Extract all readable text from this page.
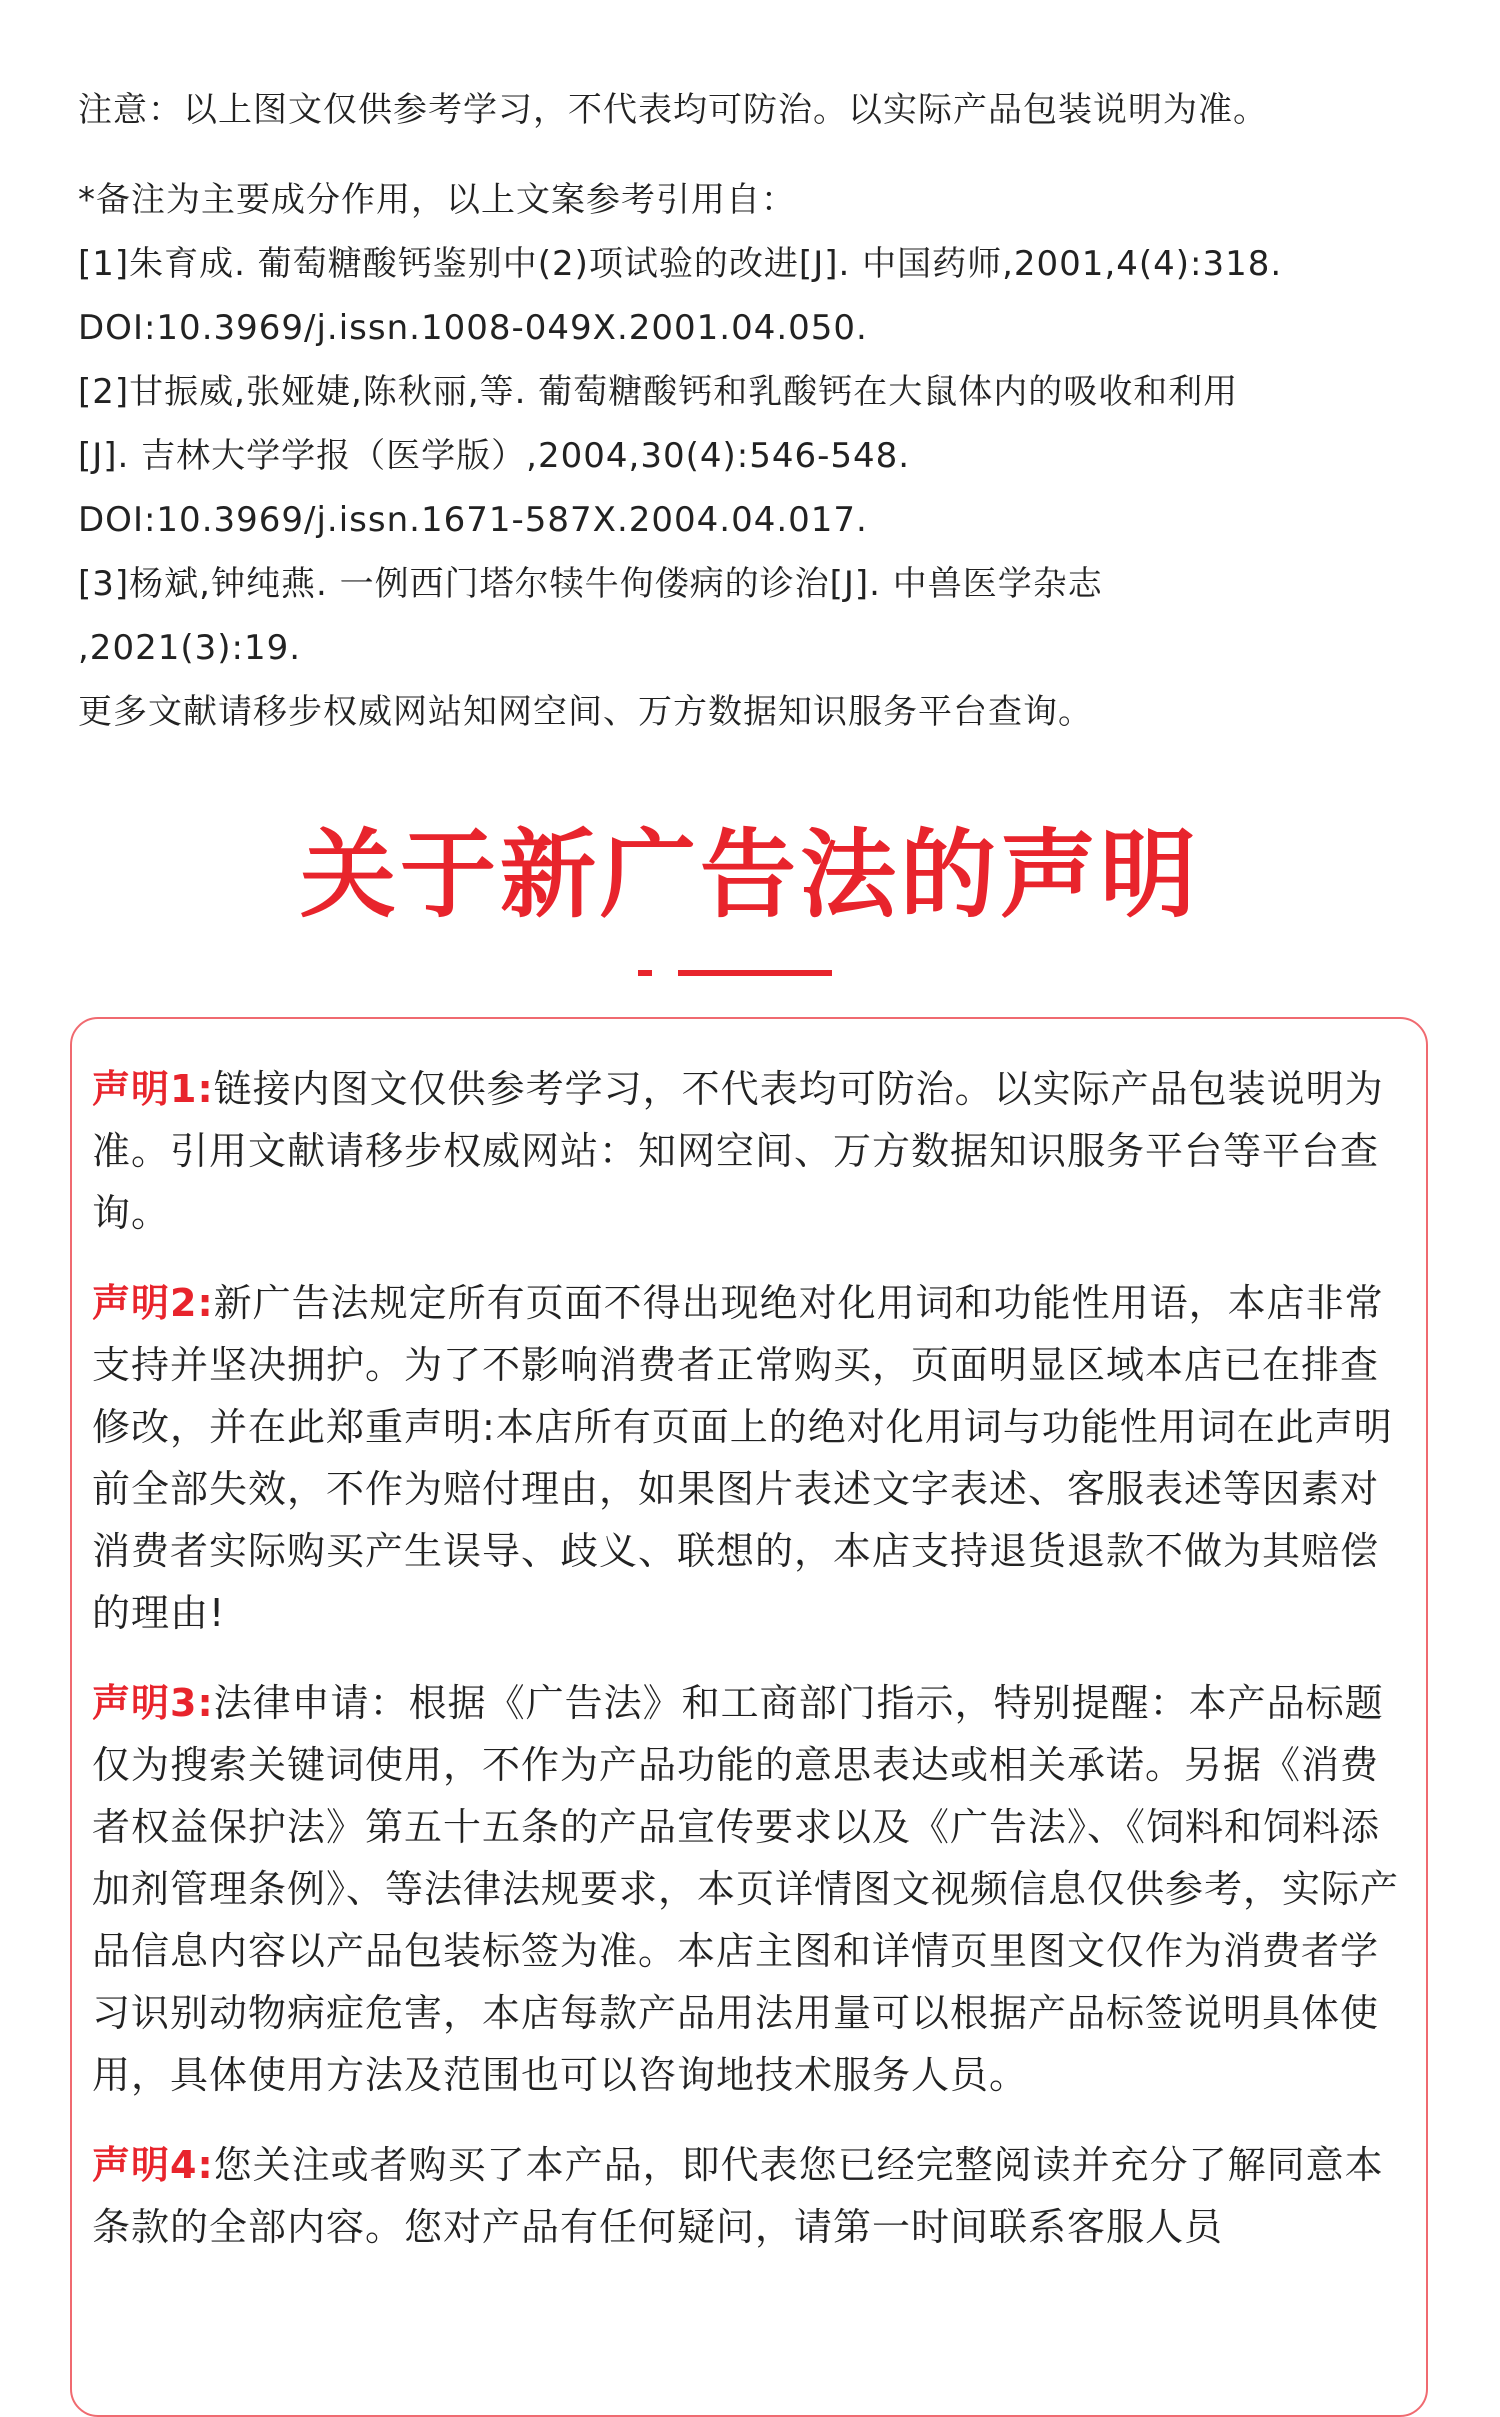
注意：以上图文仅供参考学习，不代表均可防治。以实际产品包装说明为准。
*备注为主要成分作用，以上文案参考引用自：
[1]朱育成. 葡萄糖酸钙鉴别中(2)项试验的改进[J]. 中国药师,2001,4(4):318.
DOI:10.3969/j.issn.1008-049X.2001.04.050.
[2]甘振威,张娅婕,陈秋丽,等. 葡萄糖酸钙和乳酸钙在大鼠体内的吸收和利用
[J]. 吉林大学学报（医学版）,2004,30(4):546-548.
DOI:10.3969/j.issn.1671-587X.2004.04.017.
[3]杨斌,钟纯燕. 一例西门塔尔犊牛佝偻病的诊治[J]. 中兽医学杂志
,2021(3):19.
更多文献请移步权威网站知网空间、万方数据知识服务平台查询。
关于新广告法的声明
声明1:链接内图文仅供参考学习，不代表均可防治。以实际产品包装说明为准。引用文献请移步权威网站：知网空间、万方数据知识服务平台等平台查询。
声明2:新广告法规定所有页面不得出现绝对化用词和功能性用语，本店非常支持并坚决拥护。为了不影响消费者正常购买，页面明显区域本店已在排查修改，并在此郑重声明:本店所有页面上的绝对化用词与功能性用词在此声明前全部失效，不作为赔付理由，如果图片表述文字表述、客服表述等因素对消费者实际购买产生误导、歧义、联想的，本店支持退货退款不做为其赔偿的理由!
声明3:法律申请：根据《广告法》和工商部门指示，特别提醒：本产品标题仅为搜索关键词使用，不作为产品功能的意思表达或相关承诺。另据《消费者权益保护法》第五十五条的产品宣传要求以及《广告法》、《饲料和饲料添加剂管理条例》、等法律法规要求，本页详情图文视频信息仅供参考，实际产品信息内容以产品包装标签为准。本店主图和详情页里图文仅作为消费者学习识别动物病症危害，本店每款产品用法用量可以根据产品标签说明具体使用，具体使用方法及范围也可以咨询地技术服务人员。
声明4:您关注或者购买了本产品，即代表您已经完整阅读并充分了解同意本条款的全部内容。您对产品有任何疑问，请第一时间联系客服人员
